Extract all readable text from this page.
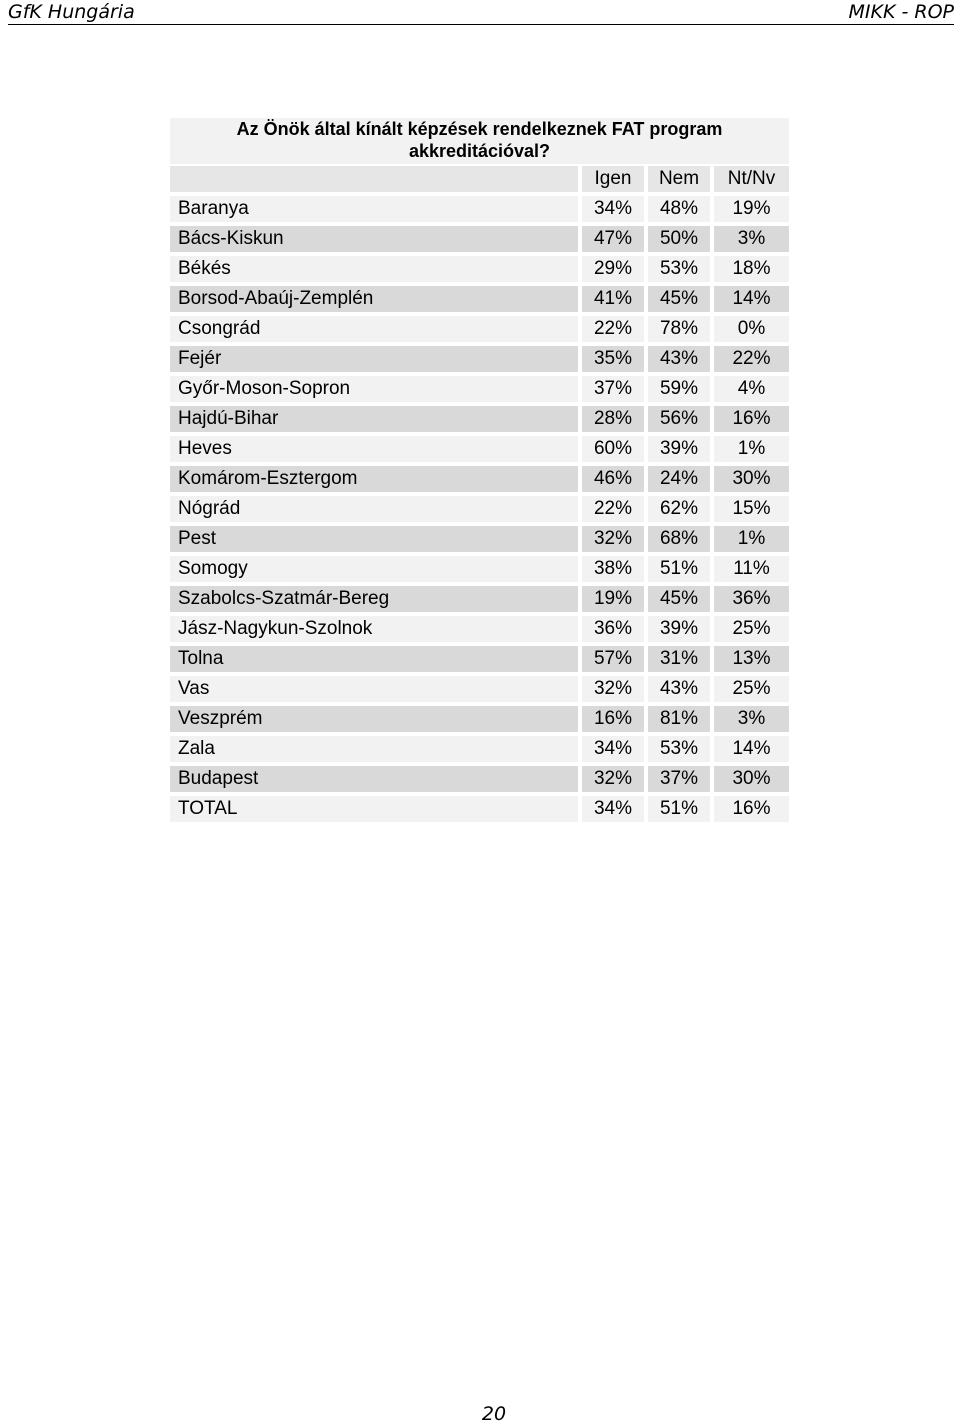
GfK Hungária	MIKK - ROP
Az Önök által kínált képzések rendelkeznek FAT program akkreditációval?
Igen	Nem	Nt/Nv
Baranya	34%	48%	19%
Bács-Kiskun	47%	50%	3%
Békés	29%	53%	18%
Borsod-Abaúj-Zemplén	41%	45%	14%
Csongrád	22%	78%	0%
Fejér	35%	43%	22%
Győr-Moson-Sopron	37%	59%	4%
Hajdú-Bihar	28%	56%	16%
Heves	60%	39%	1%
Komárom-Esztergom	46%	24%	30%
Nógrád	22%	62%	15%
Pest	32%	68%	1%
Somogy	38%	51%	11%
Szabolcs-Szatmár-Bereg	19%	45%	36%
Jász-Nagykun-Szolnok	36%	39%	25%
Tolna	57%	31%	13%
Vas	32%	43%	25%
Veszprém	16%	81%	3%
Zala	34%	53%	14%
Budapest	32%	37%	30%
TOTAL	34%	51%	16%
20
